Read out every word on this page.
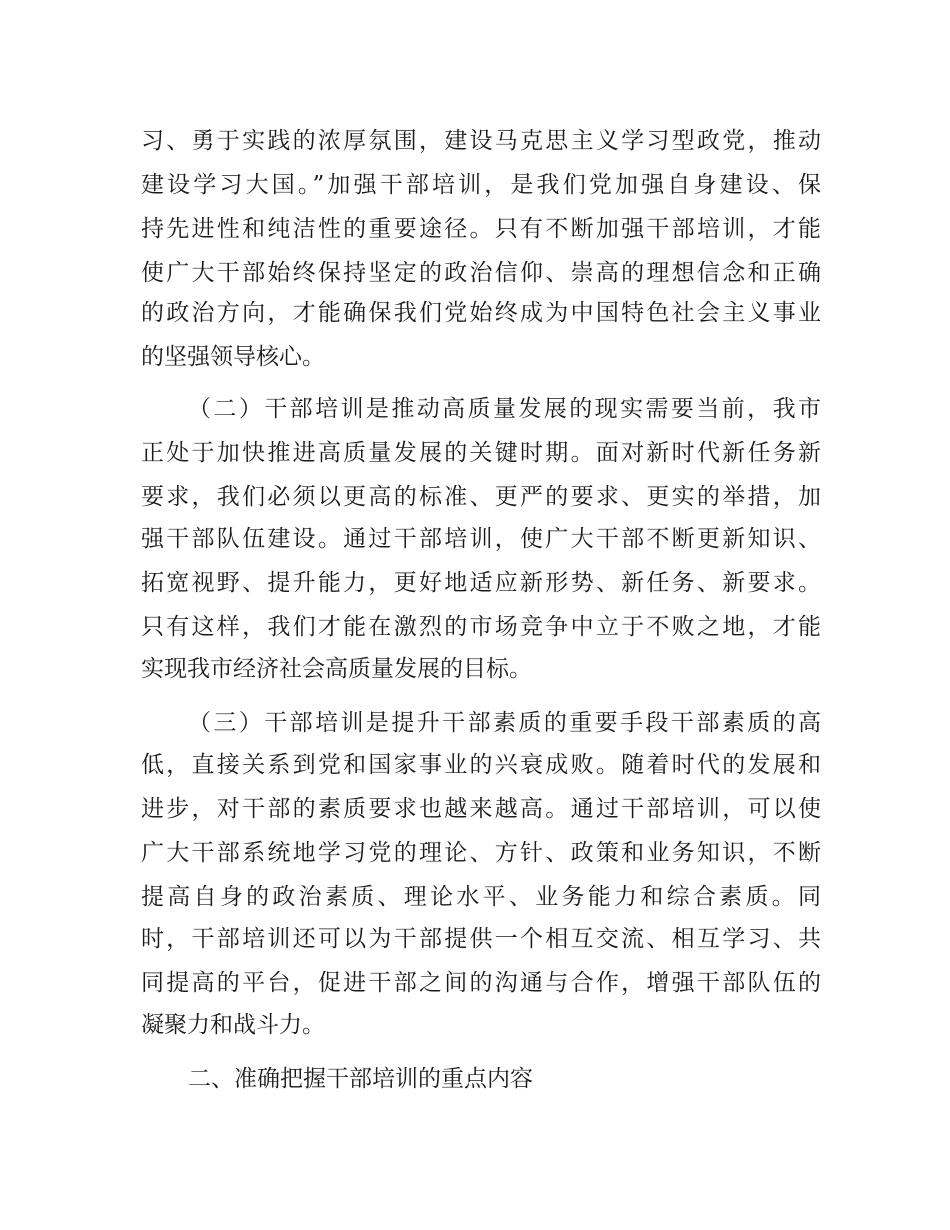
习、勇于实践的浓厚氛围，建设马克思主义学习型政党，推动
建设学习大国。”加强干部培训，是我们党加强自身建设、保
持先进性和纯洁性的重要途径。只有不断加强干部培训，才能
使广大干部始终保持坚定的政治信仰、崇高的理想信念和正确
的政治方向，才能确保我们党始终成为中国特色社会主义事业
的坚强领导核心。
（二）干部培训是推动高质量发展的现实需要当前，我市
正处于加快推进高质量发展的关键时期。面对新时代新任务新
要求，我们必须以更高的标准、更严的要求、更实的举措，加
强干部队伍建设。通过干部培训，使广大干部不断更新知识、
拓宽视野、提升能力，更好地适应新形势、新任务、新要求。
只有这样，我们才能在激烈的市场竞争中立于不败之地，才能
实现我市经济社会高质量发展的目标。
（三）干部培训是提升干部素质的重要手段干部素质的高
低，直接关系到党和国家事业的兴衰成败。随着时代的发展和
进步，对干部的素质要求也越来越高。通过干部培训，可以使
广大干部系统地学习党的理论、方针、政策和业务知识，不断
提高自身的政治素质、理论水平、业务能力和综合素质。同
时，干部培训还可以为干部提供一个相互交流、相互学习、共
同提高的平台，促进干部之间的沟通与合作，增强干部队伍的
凝聚力和战斗力。
二、准确把握干部培训的重点内容
